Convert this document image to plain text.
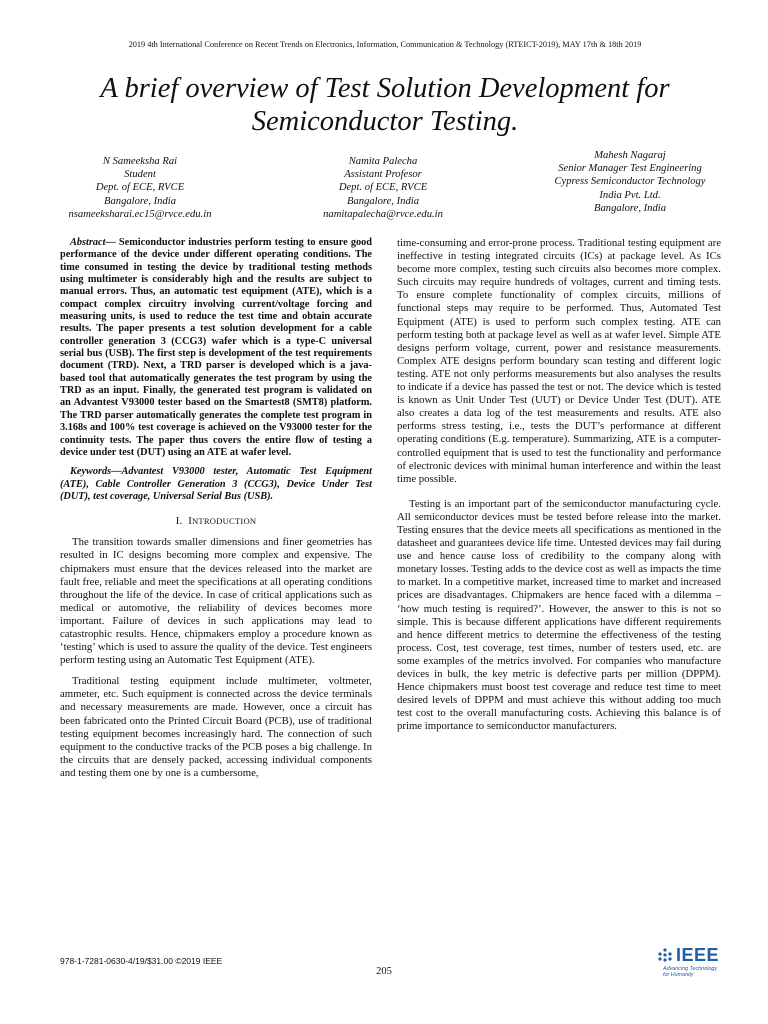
2019 4th International Conference on Recent Trends on Electronics, Information, Communication & Technology (RTEICT-2019), MAY 17th & 18th 2019
A brief overview of Test Solution Development for
Semiconductor Testing.
N Sameeksha Rai
Student
Dept. of ECE, RVCE
Bangalore, India
nsameeksharai.ec15@rvce.edu.in
Namita Palecha
Assistant Profesor
Dept. of ECE, RVCE
Bangalore, India
namitapalecha@rvce.edu.in
Mahesh Nagaraj
Senior Manager Test Engineering
Cypress Semiconductor Technology
India Pvt. Ltd.
Bangalore, India

Abstract— Semiconductor industries perform testing to ensure good performance of the device under different operating conditions. The time consumed in testing the device by traditional testing methods using multimeter is considerably high and the results are subject to manual errors. Thus, an automatic test equipment (ATE), which is a compact complex circuitry involving current/voltage forcing and measuring units, is used to reduce the test time and obtain accurate results. The paper presents a test solution development for a cable controller generation 3 (CCG3) wafer which is a type-C universal serial bus (USB). The first step is development of the test requirements document (TRD). Next, a TRD parser is developed which is a java-based tool that automatically generates the test program by using the TRD as an input. Finally, the generated test program is validated on an Advantest V93000 tester based on the Smartest8 (SMT8) platform. The TRD parser automatically generates the complete test program in 3.168s and 100% test coverage is achieved on the V93000 tester for the continuity tests. The paper thus covers the entire flow of testing a device under test (DUT) using an ATE at wafer level.

Keywords—Advantest V93000 tester, Automatic Test Equipment (ATE), Cable Controller Generation 3 (CCG3), Device Under Test (DUT), test coverage, Universal Serial Bus (USB).

I. INTRODUCTION

The transition towards smaller dimensions and finer geometries has resulted in IC designs becoming more complex and expensive. The chipmakers must ensure that the devices released into the market are fault free, reliable and meet the specifications at all operating conditions throughout the life of the device. In case of critical applications such as medical or automotive, the reliability of devices becomes more important. Failure of devices in such applications may lead to catastrophic results. Hence, chipmakers employ a procedure known as ‘testing’ which is used to assure the quality of the device. Test engineers perform testing using an Automatic Test Equipment (ATE).

Traditional testing equipment include multimeter, voltmeter, ammeter, etc. Such equipment is connected across the device terminals and necessary measurements are made. However, once a circuit has been fabricated onto the Printed Circuit Board (PCB), use of traditional testing equipment becomes increasingly hard. The connection of such equipment to the conductive tracks of the PCB poses a big challenge. In the circuits that are densely packed, accessing individual components and testing them one by one is a cumbersome,

time-consuming and error-prone process. Traditional testing equipment are ineffective in testing integrated circuits (ICs) at package level. As ICs become more complex, testing such circuits also becomes more complex. Such circuits may require hundreds of voltages, current and timing tests. To ensure complete functionality of complex circuits, millions of functional steps may require to be performed. Thus, Automated Test Equipment (ATE) is used to perform such complex testing. ATE can perform testing both at package level as well as at wafer level. Simple ATE designs perform voltage, current, power and resistance measurements. Complex ATE designs perform boundary scan testing and different logic testing. ATE not only performs measurements but also analyses the results to indicate if a device has passed the test or not. The device which is tested is known as Unit Under Test (UUT) or Device Under Test (DUT). ATE also creates a data log of the test measurements and results. ATE also performs stress testing, i.e., tests the DUT’s performance at different operating conditions (E.g. temperature). Summarizing, ATE is a computer-controlled equipment that is used to test the functionality and performance of electronic devices with minimal human interference and within the least time possible.

Testing is an important part of the semiconductor manufacturing cycle. All semiconductor devices must be tested before release into the market. Testing ensures that the device meets all specifications as mentioned in the datasheet and guarantees device life time. Untested devices may fail during use and hence cause loss of credibility to the company along with monetary losses. Testing adds to the device cost as well as impacts the time to market. In a competitive market, increased time to market and increased prices are disadvantages. Chipmakers are hence faced with a dilemma – ‘how much testing is required?’. However, the answer to this is not so simple. This is because different applications have different requirements and hence different metrics to determine the effectiveness of the testing process. Cost, test coverage, test times, number of testers used, etc. are some examples of the metrics involved. For companies who manufacture devices in bulk, the key metric is defective parts per million (DPPM). Hence chipmakers must boost test coverage and reduce test time to meet desired levels of DPPM and must achieve this without adding too much test cost to the overall manufacturing costs. Achieving this balance is of prime importance to semiconductor manufacturers.

978-1-7281-0630-4/19/$31.00 ©2019 IEEE
205
IEEE
Advancing Technology
for Humanity
